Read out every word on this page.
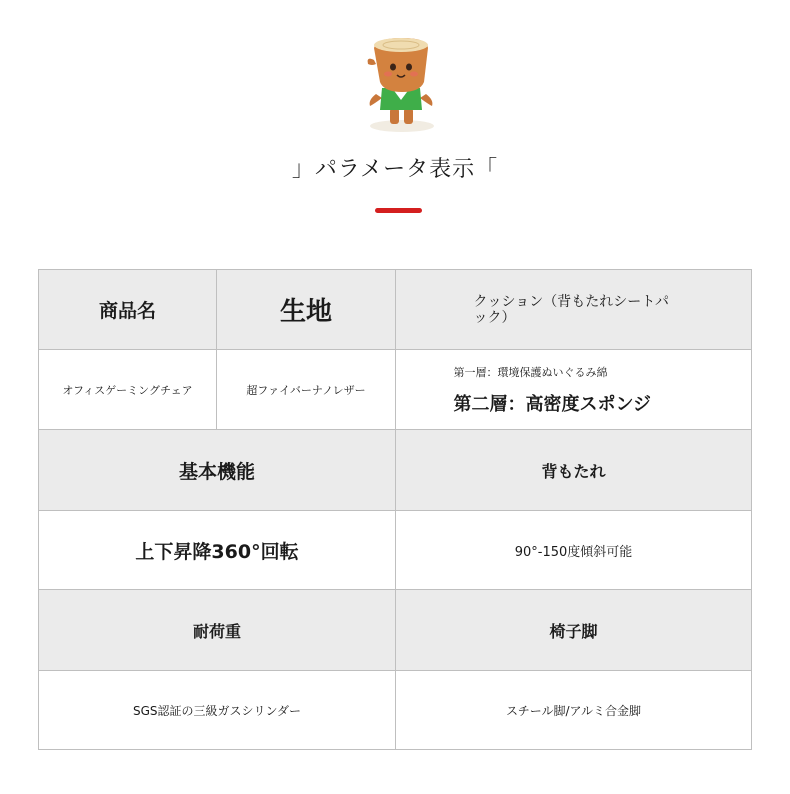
」パラメータ表示「
商品名	生地	クッション（背もたれシートパック）
オフィスゲーミングチェア	超ファイバーナノレザー
第一層：環境保護ぬいぐるみ綿
第二層：高密度スポンジ
基本機能	背もたれ
上下昇降360°回転	90°-150度傾斜可能
耐荷重	椅子脚
SGS認証の三級ガスシリンダー	スチール脚/アルミ合金脚
